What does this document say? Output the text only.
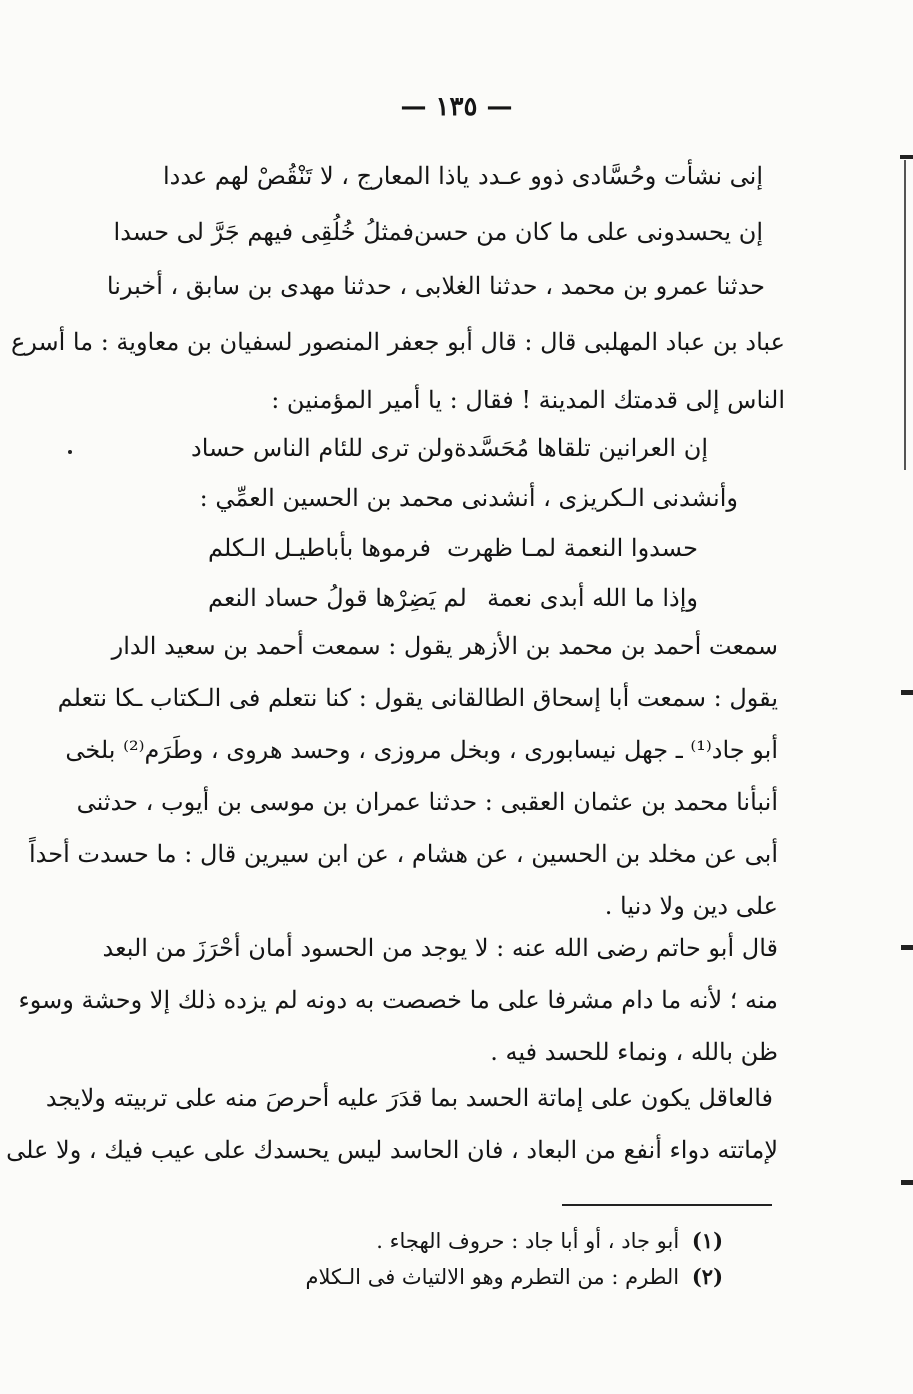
— ١٣٥ —
إنى نشأت وحُسَّادى ذوو عـدد
ياذا المعارج ، لا تَنْقُصْ لهم عددا
إن يحسدونى على ما كان من حسن
فمثلُ خُلُقِى فيهم جَرَّ لى حسدا
حدثنا عمرو بن محمد ، حدثنا الغلابى ، حدثنا مهدى بن سابق ، أخبرنا
عباد بن عباد المهلبى قال : قال أبو جعفر المنصور لسفيان بن معاوية : ما أسرع
الناس إلى قدمتك المدينة ! فقال : يا أمير المؤمنين :
إن العرانين تلقاها مُحَسَّدة
ولن ترى للئام الناس حساد
وأنشدنى الـكريزى ، أنشدنى محمد بن الحسين العمِّي :
حسدوا النعمة لمـا ظهرت
فرموها بأباطيـل الـكلم
وإذا ما الله أبدى نعمة
لم يَضِرْها قولُ حساد النعم
سمعت أحمد بن محمد بن الأزهر يقول : سمعت أحمد بن سعيد الدار
يقول : سمعت أبا إسحاق الطالقانى يقول : كنا نتعلم فى الـكتاب ـكا نتعلم
أبو جاد⁽¹⁾ ـ جهل نيسابورى ، وبخل مروزى ، وحسد هروى ، وطَرَم⁽²⁾ بلخى
أنبأنا محمد بن عثمان العقبى : حدثنا عمران بن موسى بن أيوب ، حدثنى
أبى عن مخلد بن الحسين ، عن هشام ، عن ابن سيرين قال : ما حسدت أحداً
على دين ولا دنيا .
قال أبو حاتم رضى الله عنه : لا يوجد من الحسود أمان أحْرَزَ من البعد
منه ؛ لأنه ما دام مشرفا على ما خصصت به دونه لم يزده ذلك إلا وحشة وسوء
ظن بالله ، ونماء للحسد فيه .
فالعاقل يكون على إماتة الحسد بما قدَرَ عليه أحرصَ منه على تربيته ولايجد
لإماتته دواء أنفع من البعاد ، فان الحاسد ليس يحسدك على عيب فيك ، ولا على
(١) أبو جاد ، أو أبا جاد : حروف الهجاء .
(٢) الطرم : من التطرم وهو الالتياث فى الـكلام
